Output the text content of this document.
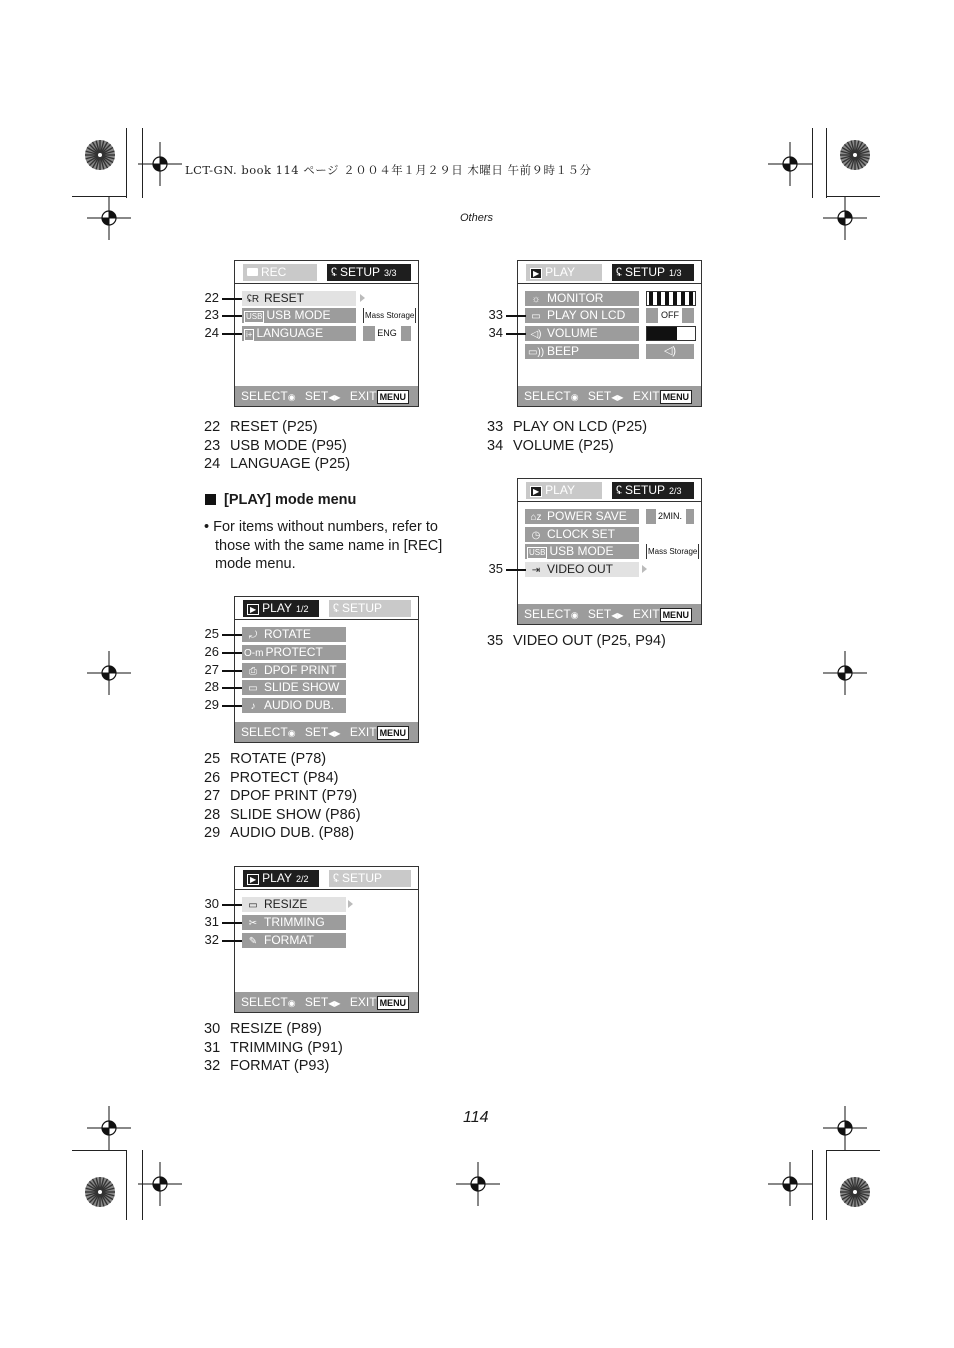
LCT-GN. book 114 ページ ２００４年１月２９日 木曜日 午前９時１５分
Others
REC	ʢ SETUP 3/3
ʢR RESET
USB USB MODE	Mass Storage
i+ LANGUAGE	ENG
SELECT◉ SET◀▶ EXIT MENU
22
23
24
22 RESET (P25)
23 USB MODE (P95)
24 LANGUAGE (P25)
[PLAY] mode menu
• For items without numbers, refer to those with the same name in [REC] mode menu.
▶ PLAY 1/2	ʢ SETUP
⤾ ROTATE
O-m PROTECT
⎙ DPOF PRINT
▭ SLIDE SHOW
♪ AUDIO DUB.
SELECT◉ SET◀▶ EXIT MENU
25
26
27
28
29
25 ROTATE (P78)
26 PROTECT (P84)
27 DPOF PRINT (P79)
28 SLIDE SHOW (P86)
29 AUDIO DUB. (P88)
▶ PLAY 2/2	ʢ SETUP
▭ RESIZE
✂ TRIMMING
✎ FORMAT
SELECT◉ SET◀▶ EXIT MENU
30
31
32
30 RESIZE (P89)
31 TRIMMING (P91)
32 FORMAT (P93)
▶ PLAY	ʢ SETUP 1/3
☼ MONITOR
▭ PLAY ON LCD	OFF
◁) VOLUME
▭)) BEEP	◁)
SELECT◉ SET◀▶ EXIT MENU
33
34
33 PLAY ON LCD (P25)
34 VOLUME (P25)
▶ PLAY	ʢ SETUP 2/3
⌂z POWER SAVE	2MIN.
◷ CLOCK SET
USB USB MODE	Mass Storage
⇥ VIDEO OUT
SELECT◉ SET◀▶ EXIT MENU
35
35 VIDEO OUT (P25, P94)
114
